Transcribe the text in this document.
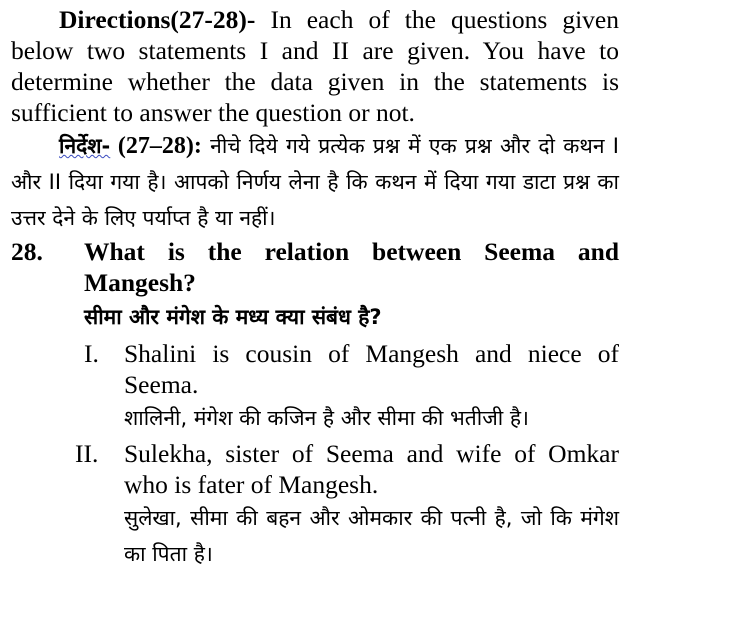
Directions(27-28)- In each of the questions given below two statements I and II are given. You have to determine whether the data given in the statements is sufficient to answer the question or not.
निर्देश- (27–28): नीचे दिये गये प्रत्येक प्रश्न में एक प्रश्न और दो कथन I और II दिया गया है। आपको निर्णय लेना है कि कथन में दिया गया डाटा प्रश्न का उत्तर देने के लिए पर्याप्त है या नहीं।
28.	What is the relation between Seema and Mangesh?
सीमा और मंगेश के मध्य क्या संबंध है?
I. Shalini is cousin of Mangesh and niece of Seema.
शालिनी, मंगेश की कजिन है और सीमा की भतीजी है।
II.	Sulekha, sister of Seema and wife of Omkar who is fater of Mangesh.
सुलेखा, सीमा की बहन और ओमकार की पत्नी है, जो कि मंगेश का पिता है।
